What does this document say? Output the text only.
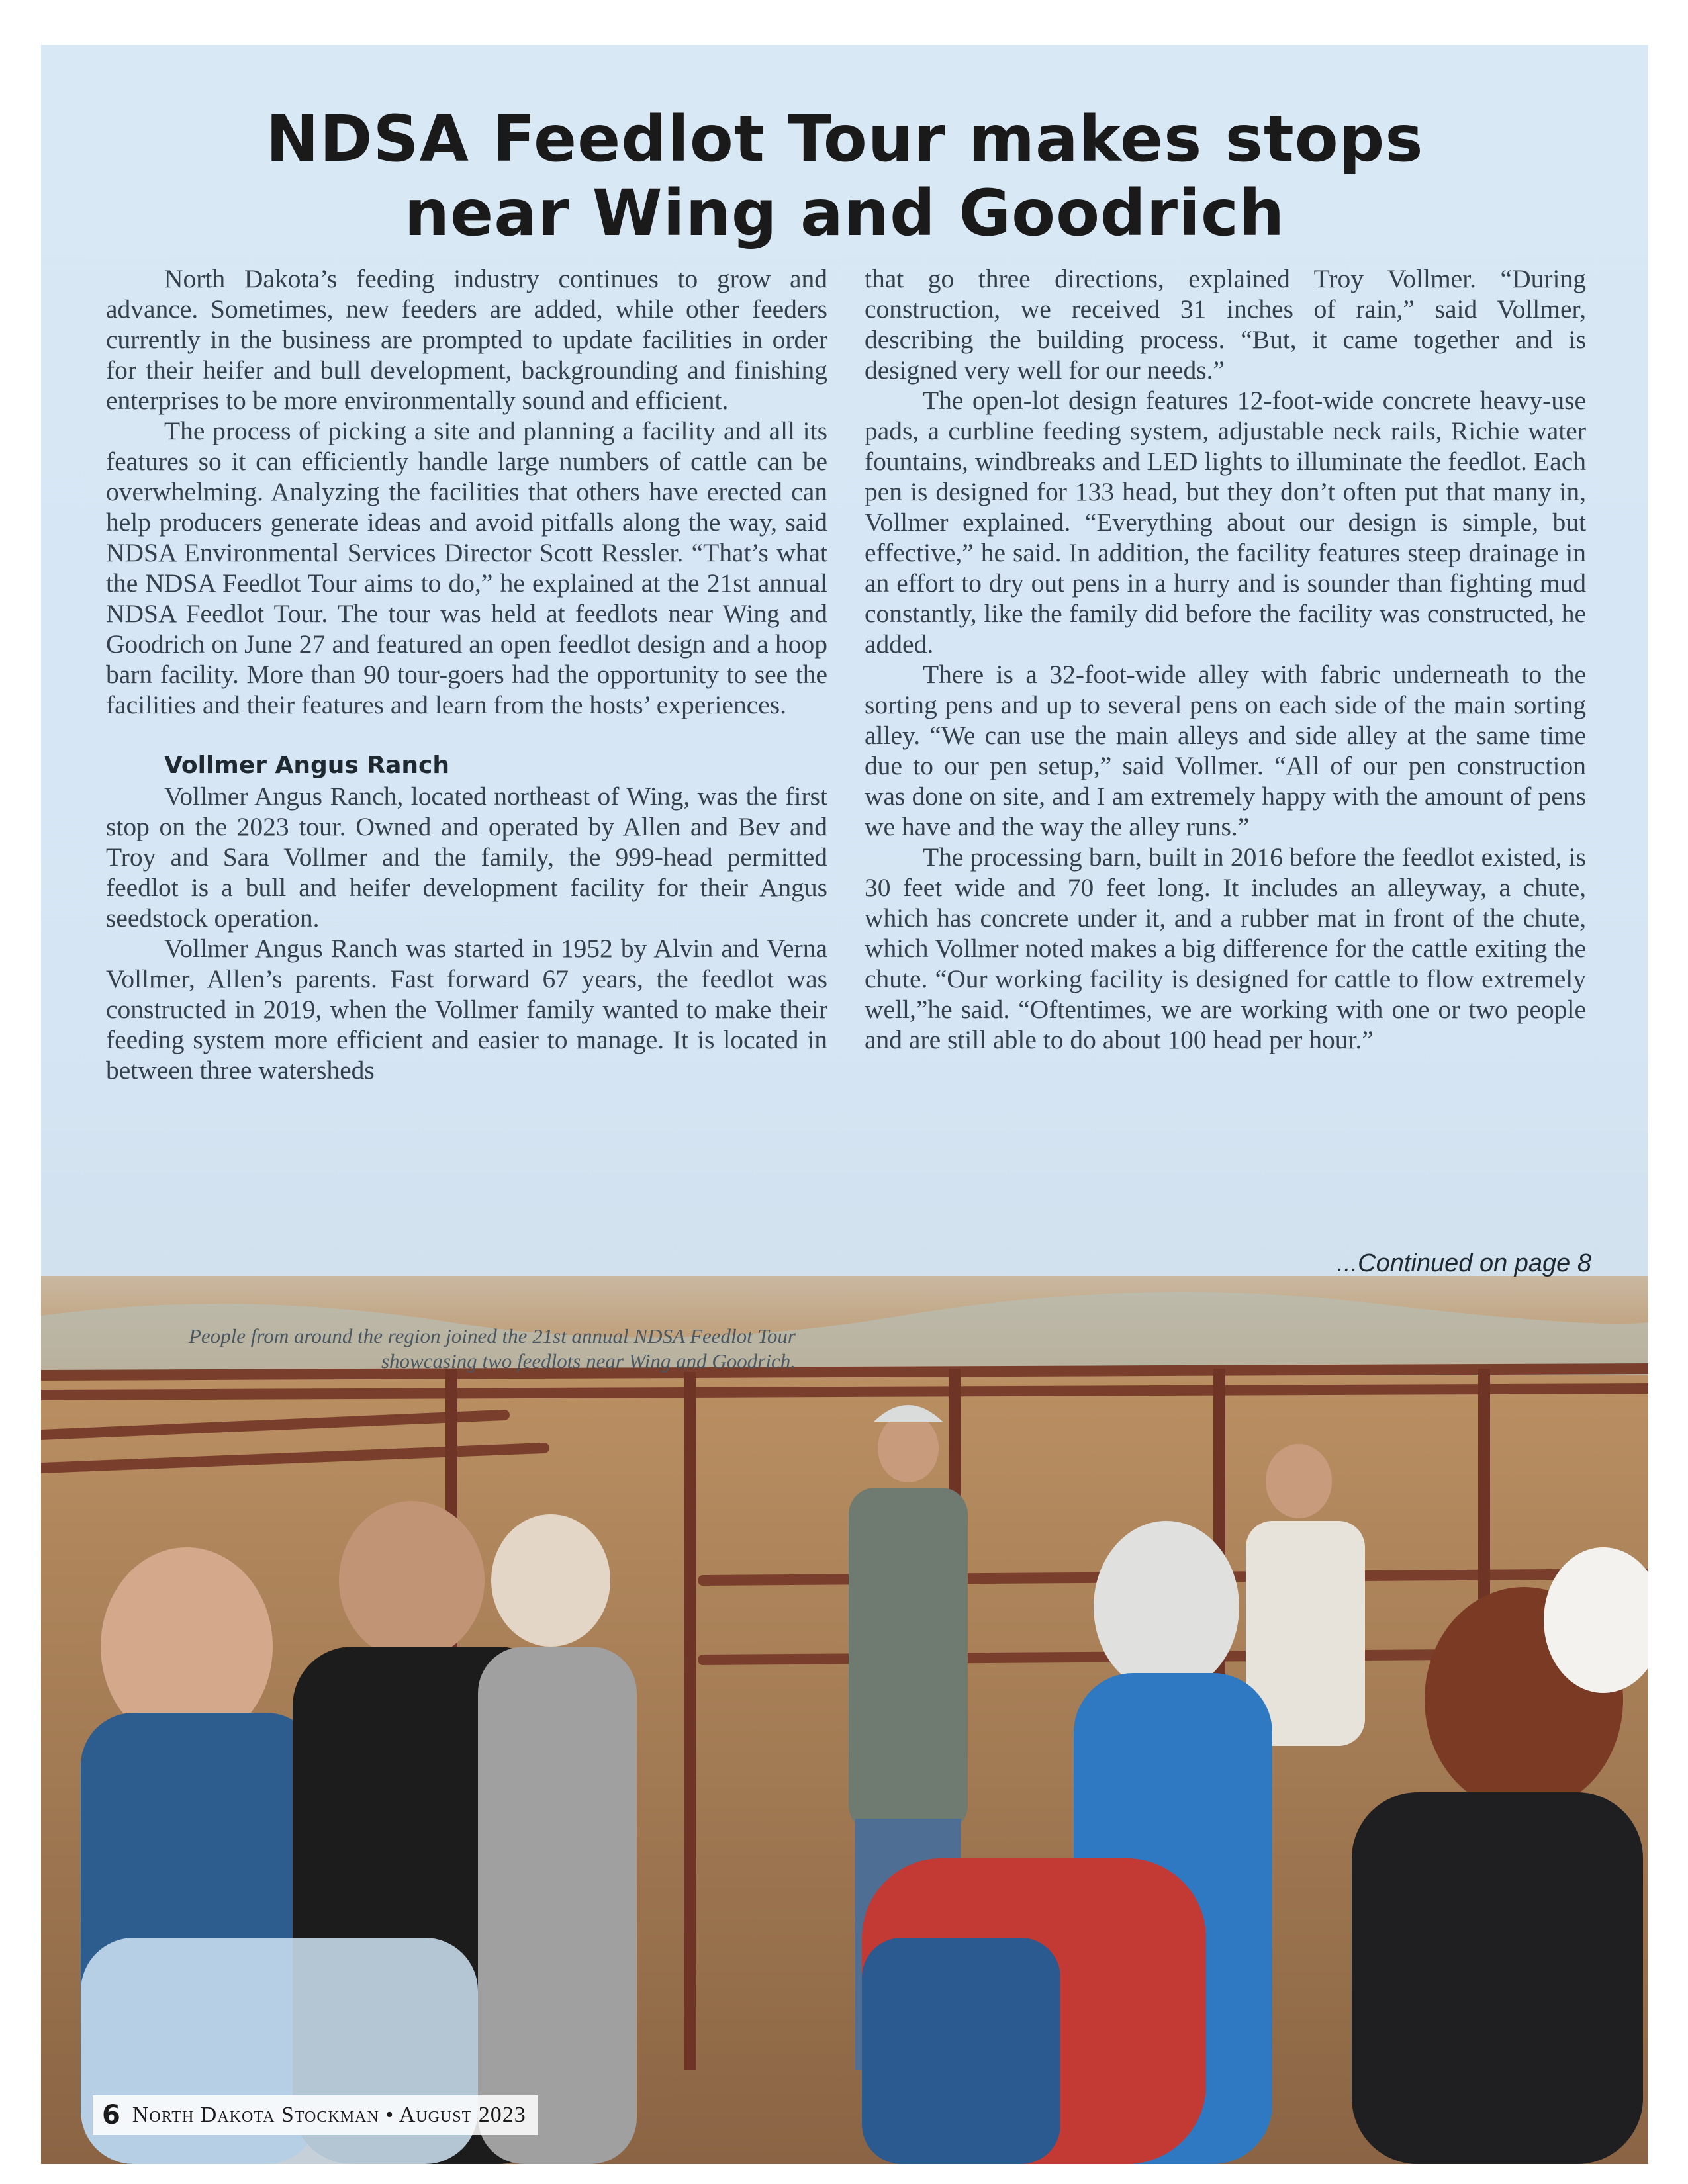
NDSA Feedlot Tour makes stops
near Wing and Goodrich

North Dakota’s feeding industry continues to grow and advance. Sometimes, new feeders are added, while other feeders currently in the business are prompted to update facilities in order for their heifer and bull development, backgrounding and finishing enterprises to be more environmentally sound and efficient.

The process of picking a site and planning a facility and all its features so it can efficiently handle large numbers of cattle can be overwhelming. Analyzing the facilities that others have erected can help producers generate ideas and avoid pitfalls along the way, said NDSA Environmental Services Director Scott Ressler. “That’s what the NDSA Feedlot Tour aims to do,” he explained at the 21st annual NDSA Feedlot Tour. The tour was held at feedlots near Wing and Goodrich on June 27 and featured an open feedlot design and a hoop barn facility. More than 90 tour-goers had the opportunity to see the facilities and their features and learn from the hosts’ experiences.

Vollmer Angus Ranch

Vollmer Angus Ranch, located northeast of Wing, was the first stop on the 2023 tour. Owned and operated by Allen and Bev and Troy and Sara Vollmer and the family, the 999-head permitted feedlot is a bull and heifer development facility for their Angus seedstock operation.

Vollmer Angus Ranch was started in 1952 by Alvin and Verna Vollmer, Allen’s parents. Fast forward 67 years, the feedlot was constructed in 2019, when the Vollmer family wanted to make their feeding system more efficient and easier to manage. It is located in between three watersheds

that go three directions, explained Troy Vollmer. “During construction, we received 31 inches of rain,” said Vollmer, describing the building process. “But, it came together and is designed very well for our needs.”

The open-lot design features 12-foot-wide concrete heavy-use pads, a curbline feeding system, adjustable neck rails, Richie water fountains, windbreaks and LED lights to illuminate the feedlot. Each pen is designed for 133 head, but they don’t often put that many in, Vollmer explained. “Everything about our design is simple, but effective,” he said. In addition, the facility features steep drainage in an effort to dry out pens in a hurry and is sounder than fighting mud constantly, like the family did before the facility was constructed, he added.

There is a 32-foot-wide alley with fabric underneath to the sorting pens and up to several pens on each side of the main sorting alley. “We can use the main alleys and side alley at the same time due to our pen setup,” said Vollmer. “All of our pen construction was done on site, and I am extremely happy with the amount of pens we have and the way the alley runs.”

The processing barn, built in 2016 before the feedlot existed, is 30 feet wide and 70 feet long. It includes an alleyway, a chute, which has concrete under it, and a rubber mat in front of the chute, which Vollmer noted makes a big difference for the cattle exiting the chute. “Our working facility is designed for cattle to flow extremely well,”he said. “Oftentimes, we are working with one or two people and are still able to do about 100 head per hour.”

People from around the region joined the 21st annual NDSA Feedlot Tour showcasing two feedlots near Wing and Goodrich.
...Continued on page 8
6 North Dakota Stockman • August 2023
